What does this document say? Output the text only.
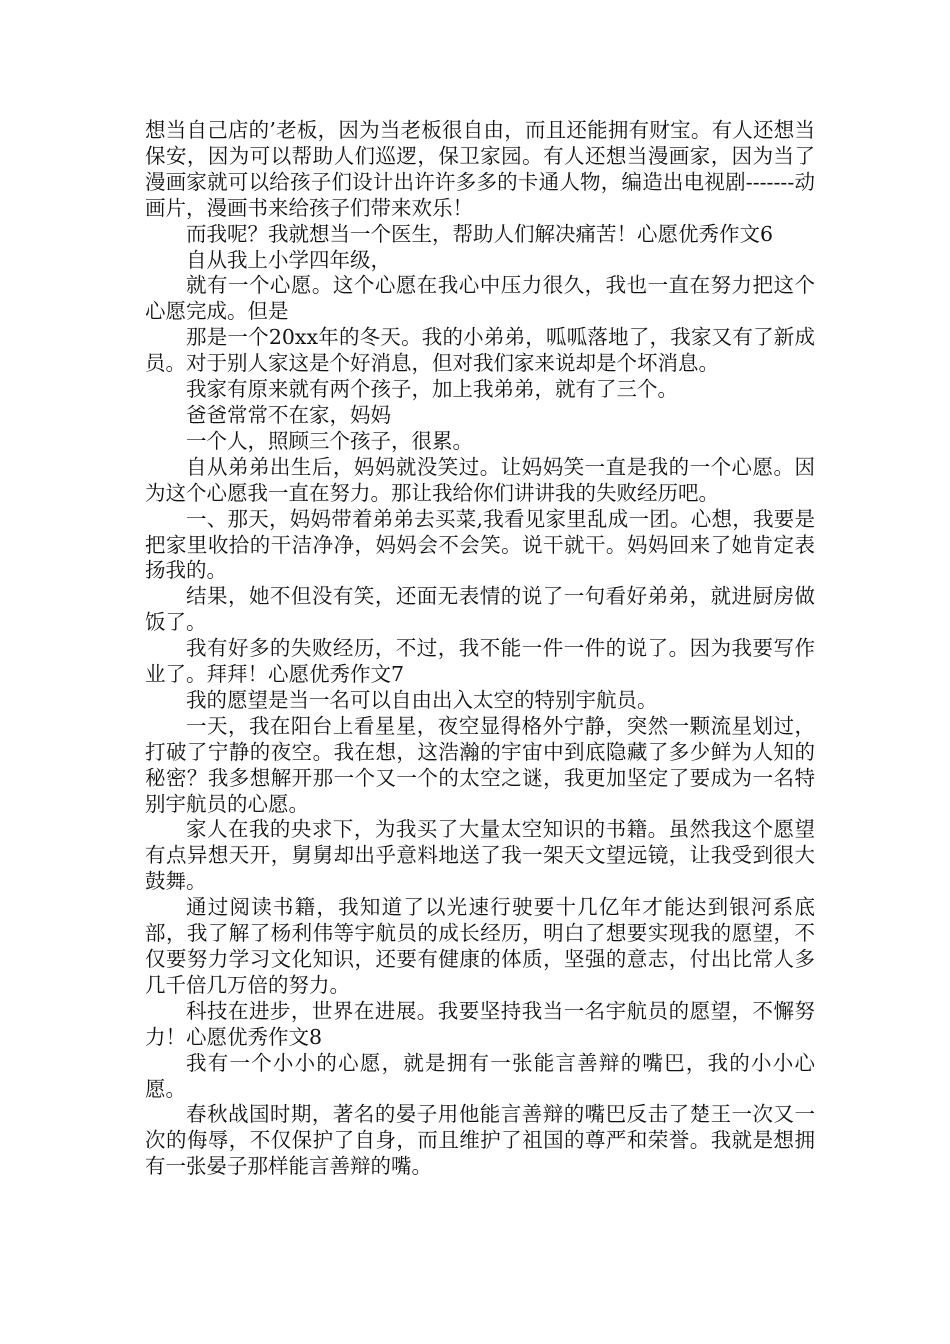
想当自己店的’老板，因为当老板很自由，而且还能拥有财宝。有人还想当保安，因为可以帮助人们巡逻，保卫家园。有人还想当漫画家，因为当了漫画家就可以给孩子们设计出许许多多的卡通人物，编造出电视剧-------动画片，漫画书来给孩子们带来欢乐！

而我呢？我就想当一个医生，帮助人们解决痛苦！心愿优秀作文6

自从我上小学四年级，

就有一个心愿。这个心愿在我心中压力很久，我也一直在努力把这个心愿完成。但是

那是一个20xx年的冬天。我的小弟弟，呱呱落地了，我家又有了新成员。对于别人家这是个好消息，但对我们家来说却是个坏消息。

我家有原来就有两个孩子，加上我弟弟，就有了三个。

爸爸常常不在家，妈妈

一个人，照顾三个孩子，很累。

自从弟弟出生后，妈妈就没笑过。让妈妈笑一直是我的一个心愿。因为这个心愿我一直在努力。那让我给你们讲讲我的失败经历吧。

一、那天，妈妈带着弟弟去买菜,我看见家里乱成一团。心想，我要是把家里收拾的干洁净净，妈妈会不会笑。说干就干。妈妈回来了她肯定表扬我的。

结果，她不但没有笑，还面无表情的说了一句看好弟弟，就进厨房做饭了。

我有好多的失败经历，不过，我不能一件一件的说了。因为我要写作业了。拜拜！心愿优秀作文7

我的愿望是当一名可以自由出入太空的特别宇航员。

一天，我在阳台上看星星，夜空显得格外宁静，突然一颗流星划过，打破了宁静的夜空。我在想，这浩瀚的宇宙中到底隐藏了多少鲜为人知的秘密？我多想解开那一个又一个的太空之谜，我更加坚定了要成为一名特别宇航员的心愿。

家人在我的央求下，为我买了大量太空知识的书籍。虽然我这个愿望有点异想天开，舅舅却出乎意料地送了我一架天文望远镜，让我受到很大鼓舞。

通过阅读书籍，我知道了以光速行驶要十几亿年才能达到银河系底部，我了解了杨利伟等宇航员的成长经历，明白了想要实现我的愿望，不仅要努力学习文化知识，还要有健康的体质，坚强的意志，付出比常人多几千倍几万倍的努力。

科技在进步，世界在进展。我要坚持我当一名宇航员的愿望，不懈努力！心愿优秀作文8

我有一个小小的心愿，就是拥有一张能言善辩的嘴巴，我的小小心愿。

春秋战国时期，著名的晏子用他能言善辩的嘴巴反击了楚王一次又一次的侮辱，不仅保护了自身，而且维护了祖国的尊严和荣誉。我就是想拥有一张晏子那样能言善辩的嘴。
